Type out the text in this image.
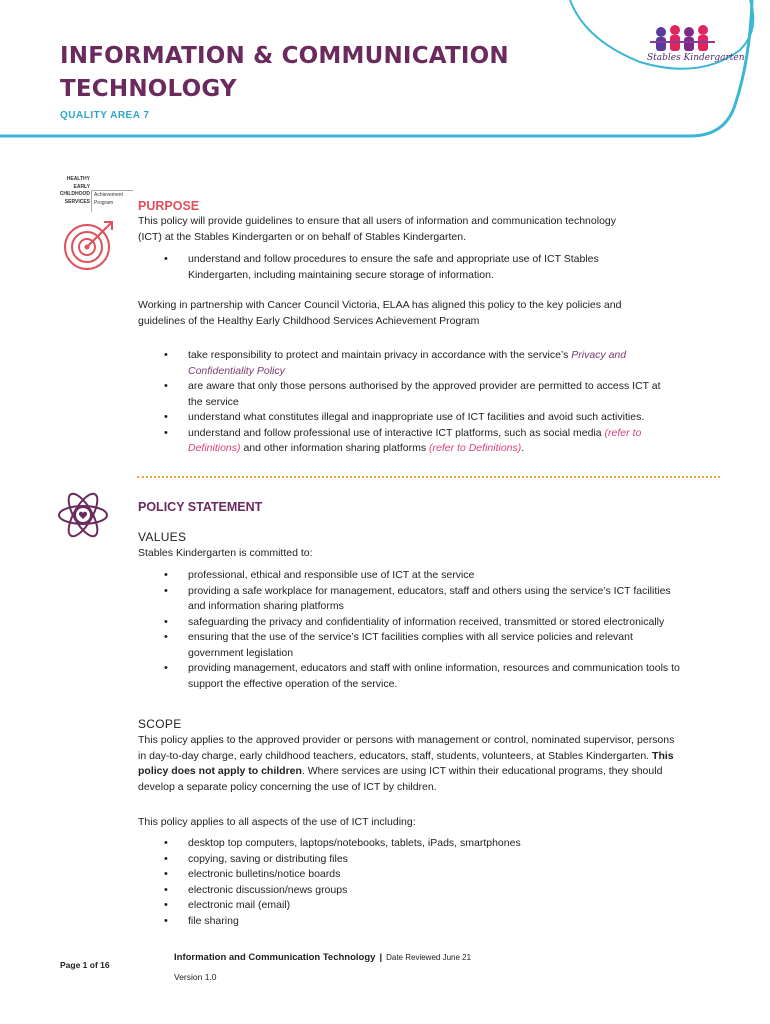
INFORMATION & COMMUNICATION TECHNOLOGY
QUALITY AREA 7
Stables Kindergarten
HEALTHY
EARLY
CHILDHOOD
SERVICES
Achievement
Program	PURPOSE
This policy will provide guidelines to ensure that all users of information and communication technology (ICT) at the Stables Kindergarten or on behalf of Stables Kindergarten.
• understand and follow procedures to ensure the safe and appropriate use of ICT Stables Kindergarten, including maintaining secure storage of information.
Working in partnership with Cancer Council Victoria, ELAA has aligned this policy to the key policies and guidelines of the Healthy Early Childhood Services Achievement Program
• take responsibility to protect and maintain privacy in accordance with the service’s Privacy and Confidentiality Policy
• are aware that only those persons authorised by the approved provider are permitted to access ICT at the service
• understand what constitutes illegal and inappropriate use of ICT facilities and avoid such activities.
• understand and follow professional use of interactive ICT platforms, such as social media (refer to Definitions) and other information sharing platforms (refer to Definitions).
POLICY STATEMENT
VALUES
Stables Kindergarten is committed to:
• professional, ethical and responsible use of ICT at the service
• providing a safe workplace for management, educators, staff and others using the service’s ICT facilities and information sharing platforms
• safeguarding the privacy and confidentiality of information received, transmitted or stored electronically
• ensuring that the use of the service’s ICT facilities complies with all service policies and relevant government legislation
• providing management, educators and staff with online information, resources and communication tools to support the effective operation of the service.
SCOPE
This policy applies to the approved provider or persons with management or control, nominated supervisor, persons in day-to-day charge, early childhood teachers, educators, staff, students, volunteers, at Stables Kindergarten. This policy does not apply to children. Where services are using ICT within their educational programs, they should develop a separate policy concerning the use of ICT by children.
This policy applies to all aspects of the use of ICT including:
• desktop top computers, laptops/notebooks, tablets, iPads, smartphones
• copying, saving or distributing files
• electronic bulletins/notice boards
• electronic discussion/news groups
• electronic mail (email)
• file sharing
Page 1 of 16
Information and Communication Technology | Date Reviewed June 21
Version 1.0
